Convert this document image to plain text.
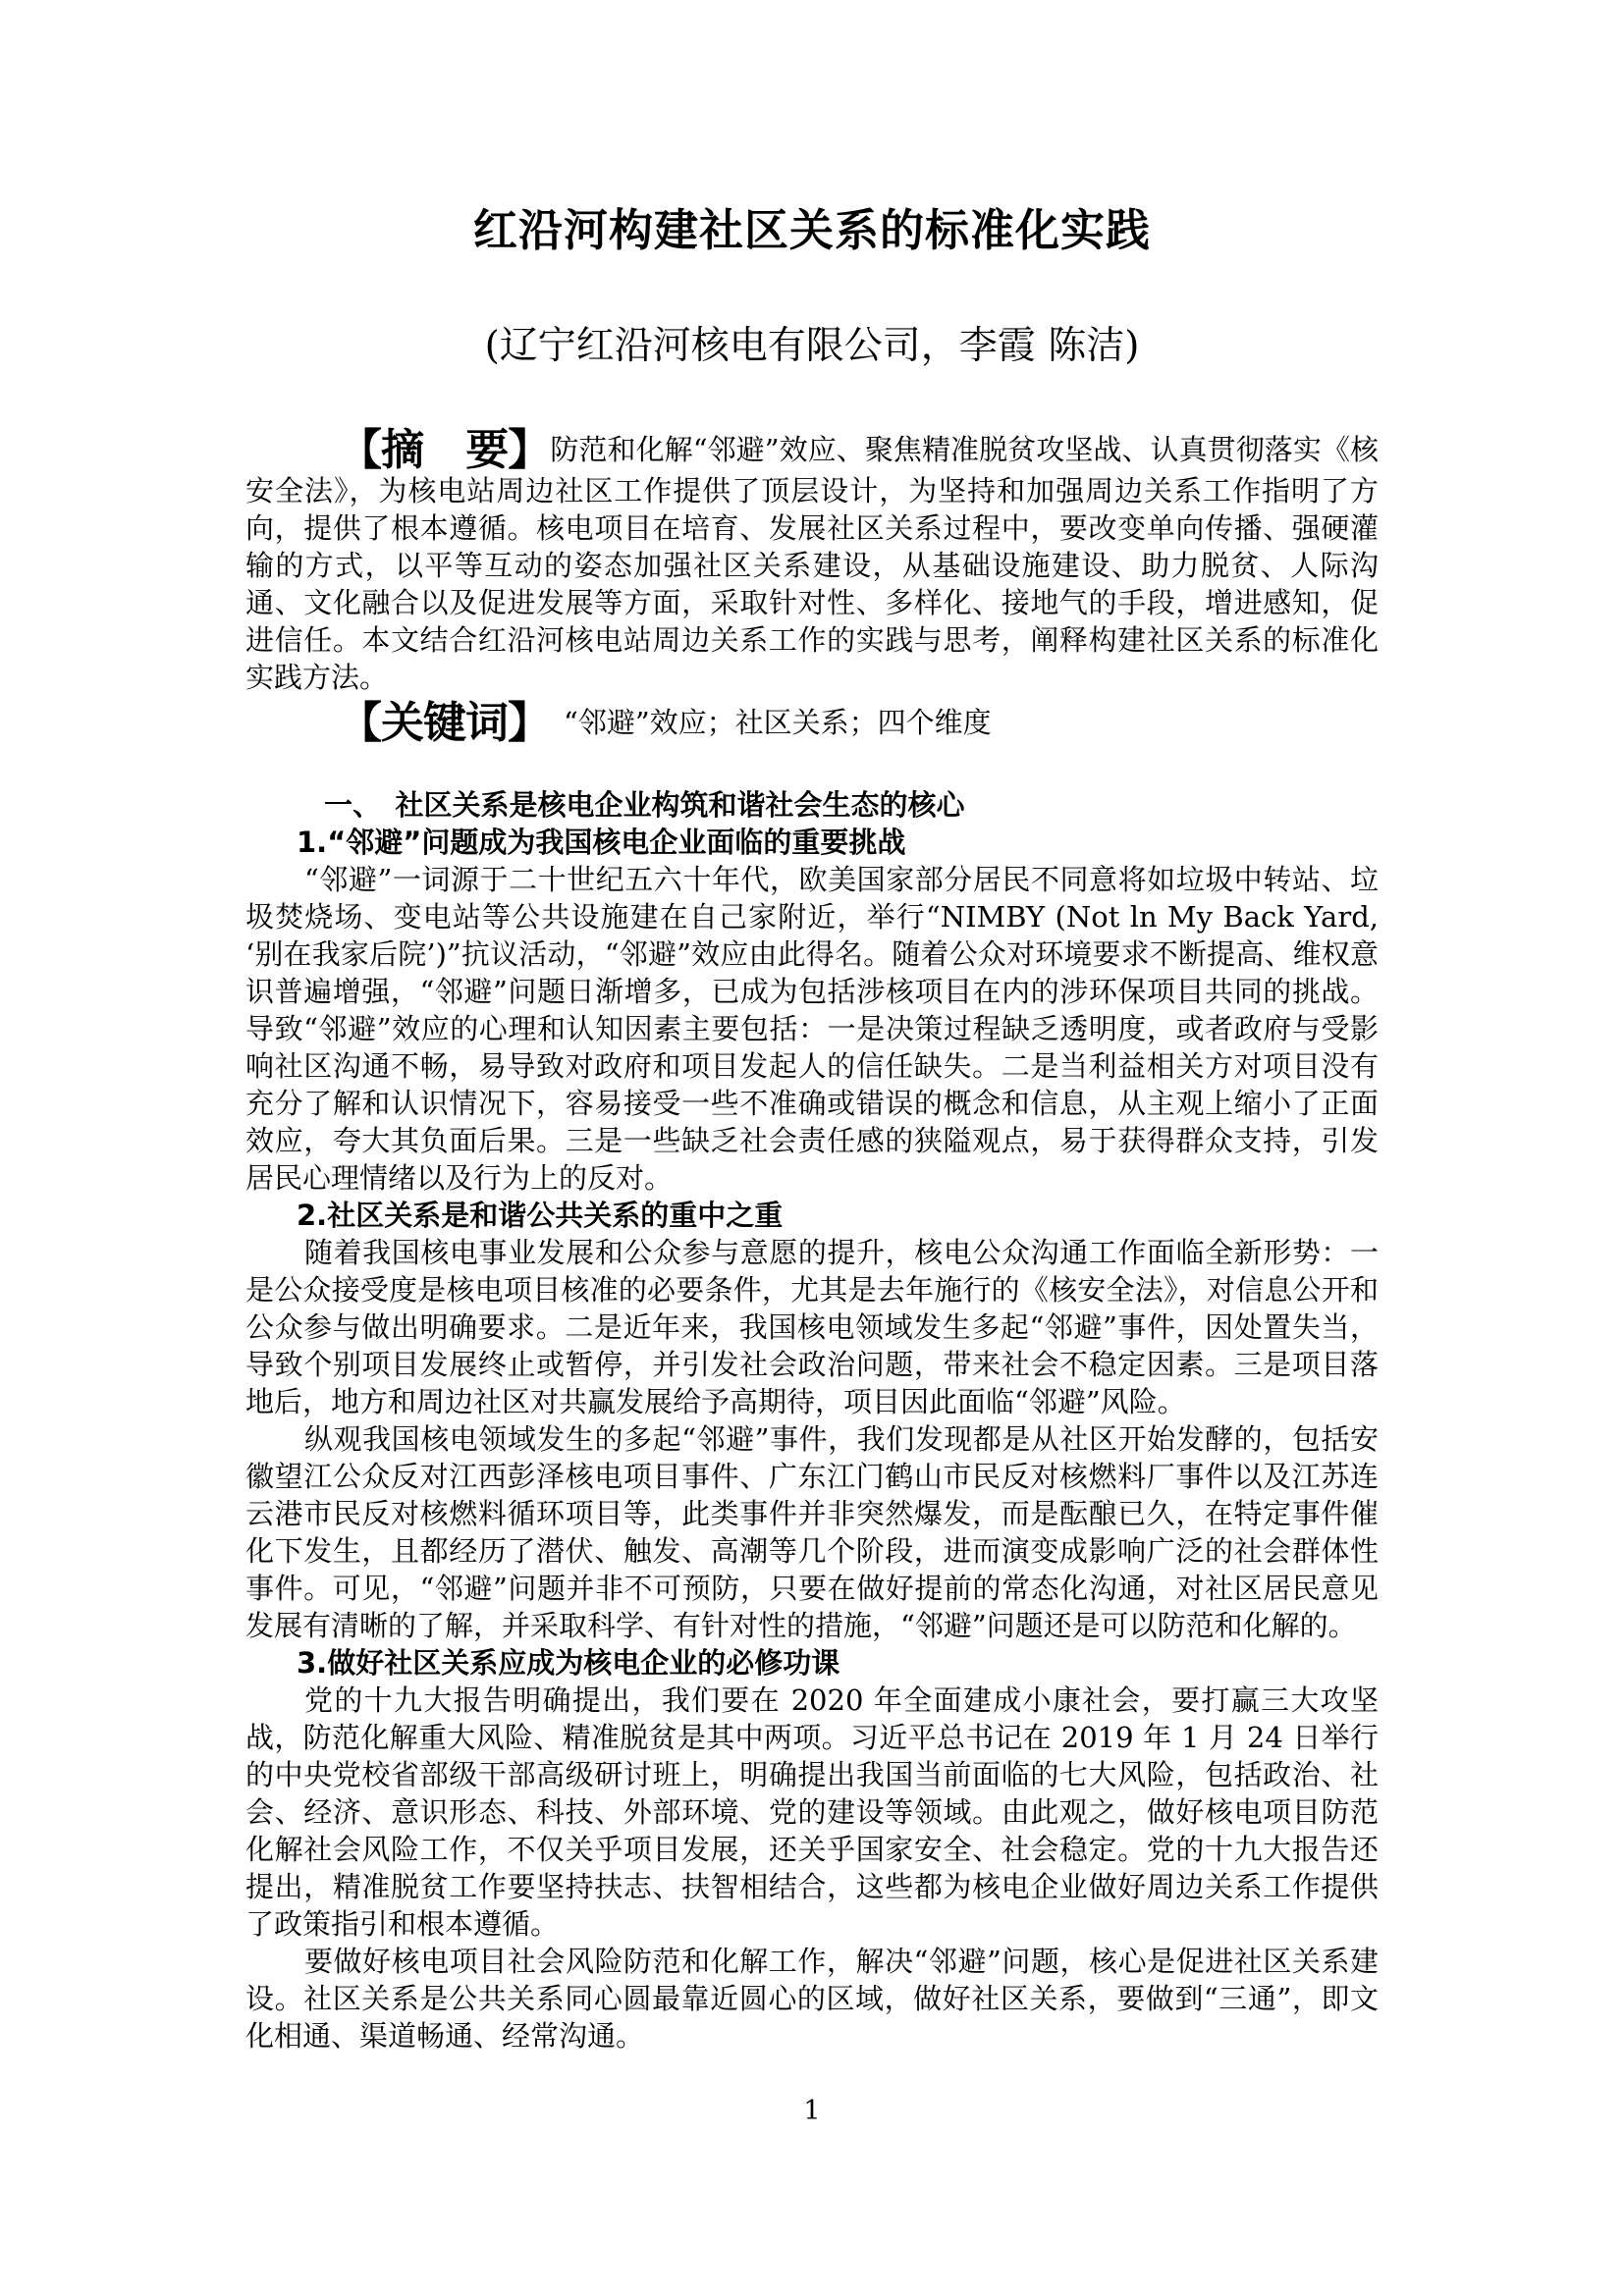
红沿河构建社区关系的标准化实践
(辽宁红沿河核电有限公司，李霞 陈洁)
【摘　要】防范和化解“邻避”效应、聚焦精准脱贫攻坚战、认真贯彻落实《核安全法》，为核电站周边社区工作提供了顶层设计，为坚持和加强周边关系工作指明了方向，提供了根本遵循。核电项目在培育、发展社区关系过程中，要改变单向传播、强硬灌输的方式，以平等互动的姿态加强社区关系建设，从基础设施建设、助力脱贫、人际沟通、文化融合以及促进发展等方面，采取针对性、多样化、接地气的手段，增进感知，促进信任。本文结合红沿河核电站周边关系工作的实践与思考，阐释构建社区关系的标准化实践方法。
【关键词】 “邻避”效应；社区关系；四个维度
一、　社区关系是核电企业构筑和谐社会生态的核心
1.“邻避”问题成为我国核电企业面临的重要挑战
“邻避”一词源于二十世纪五六十年代，欧美国家部分居民不同意将如垃圾中转站、垃圾焚烧场、变电站等公共设施建在自己家附近，举行“NIMBY (Not ln My Back Yard, ‘别在我家后院’)”抗议活动，“邻避”效应由此得名。随着公众对环境要求不断提高、维权意识普遍增强，“邻避”问题日渐增多，已成为包括涉核项目在内的涉环保项目共同的挑战。导致“邻避”效应的心理和认知因素主要包括：一是决策过程缺乏透明度，或者政府与受影响社区沟通不畅，易导致对政府和项目发起人的信任缺失。二是当利益相关方对项目没有充分了解和认识情况下，容易接受一些不准确或错误的概念和信息，从主观上缩小了正面效应，夸大其负面后果。三是一些缺乏社会责任感的狭隘观点，易于获得群众支持，引发居民心理情绪以及行为上的反对。
2.社区关系是和谐公共关系的重中之重
随着我国核电事业发展和公众参与意愿的提升，核电公众沟通工作面临全新形势：一是公众接受度是核电项目核准的必要条件，尤其是去年施行的《核安全法》，对信息公开和公众参与做出明确要求。二是近年来，我国核电领域发生多起“邻避”事件，因处置失当，导致个别项目发展终止或暂停，并引发社会政治问题，带来社会不稳定因素。三是项目落地后，地方和周边社区对共赢发展给予高期待，项目因此面临“邻避”风险。
纵观我国核电领域发生的多起“邻避”事件，我们发现都是从社区开始发酵的，包括安徽望江公众反对江西彭泽核电项目事件、广东江门鹤山市民反对核燃料厂事件以及江苏连云港市民反对核燃料循环项目等，此类事件并非突然爆发，而是酝酿已久，在特定事件催化下发生，且都经历了潜伏、触发、高潮等几个阶段，进而演变成影响广泛的社会群体性事件。可见，“邻避”问题并非不可预防，只要在做好提前的常态化沟通，对社区居民意见发展有清晰的了解，并采取科学、有针对性的措施，“邻避”问题还是可以防范和化解的。
3.做好社区关系应成为核电企业的必修功课
党的十九大报告明确提出，我们要在 2020 年全面建成小康社会，要打赢三大攻坚战，防范化解重大风险、精准脱贫是其中两项。习近平总书记在 2019 年 1 月 24 日举行的中央党校省部级干部高级研讨班上，明确提出我国当前面临的七大风险，包括政治、社会、经济、意识形态、科技、外部环境、党的建设等领域。由此观之，做好核电项目防范化解社会风险工作，不仅关乎项目发展，还关乎国家安全、社会稳定。党的十九大报告还提出，精准脱贫工作要坚持扶志、扶智相结合，这些都为核电企业做好周边关系工作提供了政策指引和根本遵循。
要做好核电项目社会风险防范和化解工作，解决“邻避”问题，核心是促进社区关系建设。社区关系是公共关系同心圆最靠近圆心的区域，做好社区关系，要做到“三通”，即文化相通、渠道畅通、经常沟通。
1
